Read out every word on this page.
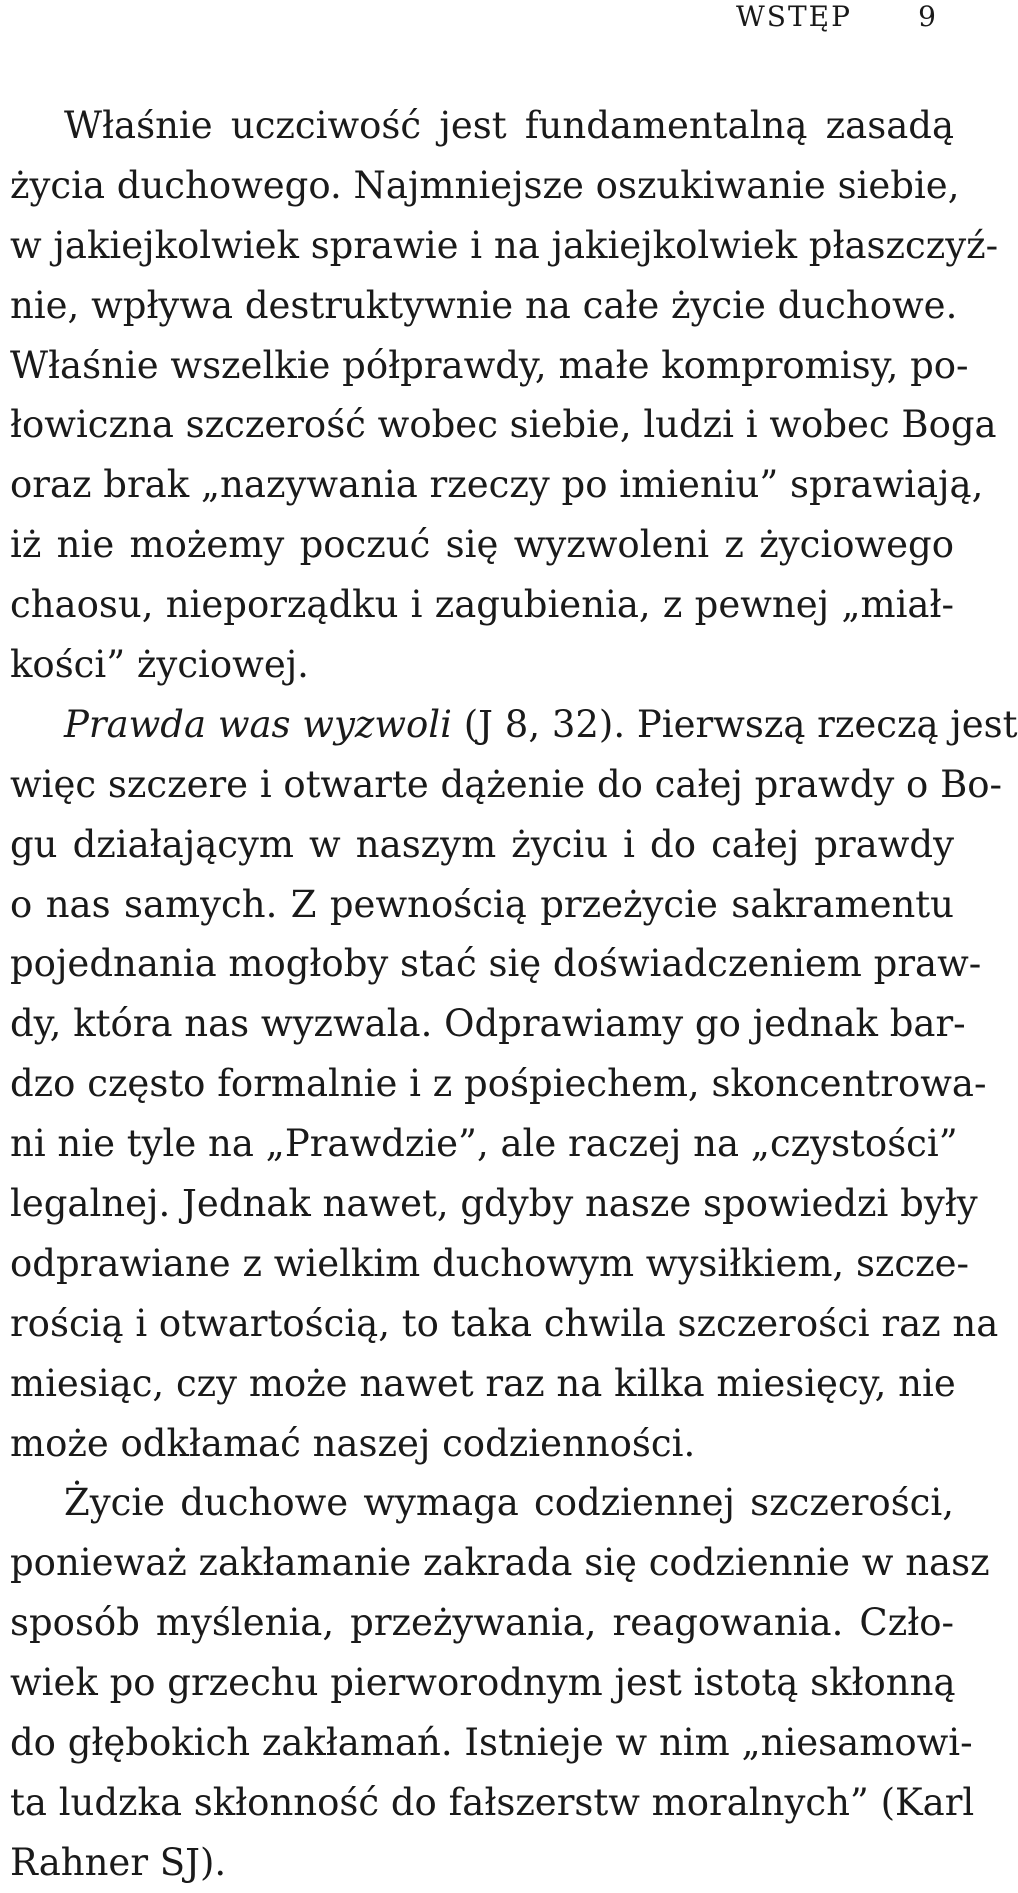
WSTĘP 9
Właśnie uczciwość jest fundamentalną zasadą
życia duchowego. Najmniejsze oszukiwanie siebie,
w jakiejkolwiek sprawie i na jakiejkolwiek płaszczyź-
nie, wpływa destruktywnie na całe życie duchowe.
Właśnie wszelkie półprawdy, małe kompromisy, po-
łowiczna szczerość wobec siebie, ludzi i wobec Boga
oraz brak „nazywania rzeczy po imieniu” sprawiają,
iż nie możemy poczuć się wyzwoleni z życiowego
chaosu, nieporządku i zagubienia, z pewnej „miał-
kości” życiowej.
Prawda was wyzwoli (J 8, 32). Pierwszą rzeczą jest
więc szczere i otwarte dążenie do całej prawdy o Bo-
gu działającym w naszym życiu i do całej prawdy
o nas samych. Z pewnością przeżycie sakramentu
pojednania mogłoby stać się doświadczeniem praw-
dy, która nas wyzwala. Odprawiamy go jednak bar-
dzo często formalnie i z pośpiechem, skoncentrowa-
ni nie tyle na „Prawdzie”, ale raczej na „czystości”
legalnej. Jednak nawet, gdyby nasze spowiedzi były
odprawiane z wielkim duchowym wysiłkiem, szcze-
rością i otwartością, to taka chwila szczerości raz na
miesiąc, czy może nawet raz na kilka miesięcy, nie
może odkłamać naszej codzienności.
Życie duchowe wymaga codziennej szczerości,
ponieważ zakłamanie zakrada się codziennie w nasz
sposób myślenia, przeżywania, reagowania. Czło-
wiek po grzechu pierworodnym jest istotą skłonną
do głębokich zakłamań. Istnieje w nim „niesamowi-
ta ludzka skłonność do fałszerstw moralnych” (Karl
Rahner SJ).
